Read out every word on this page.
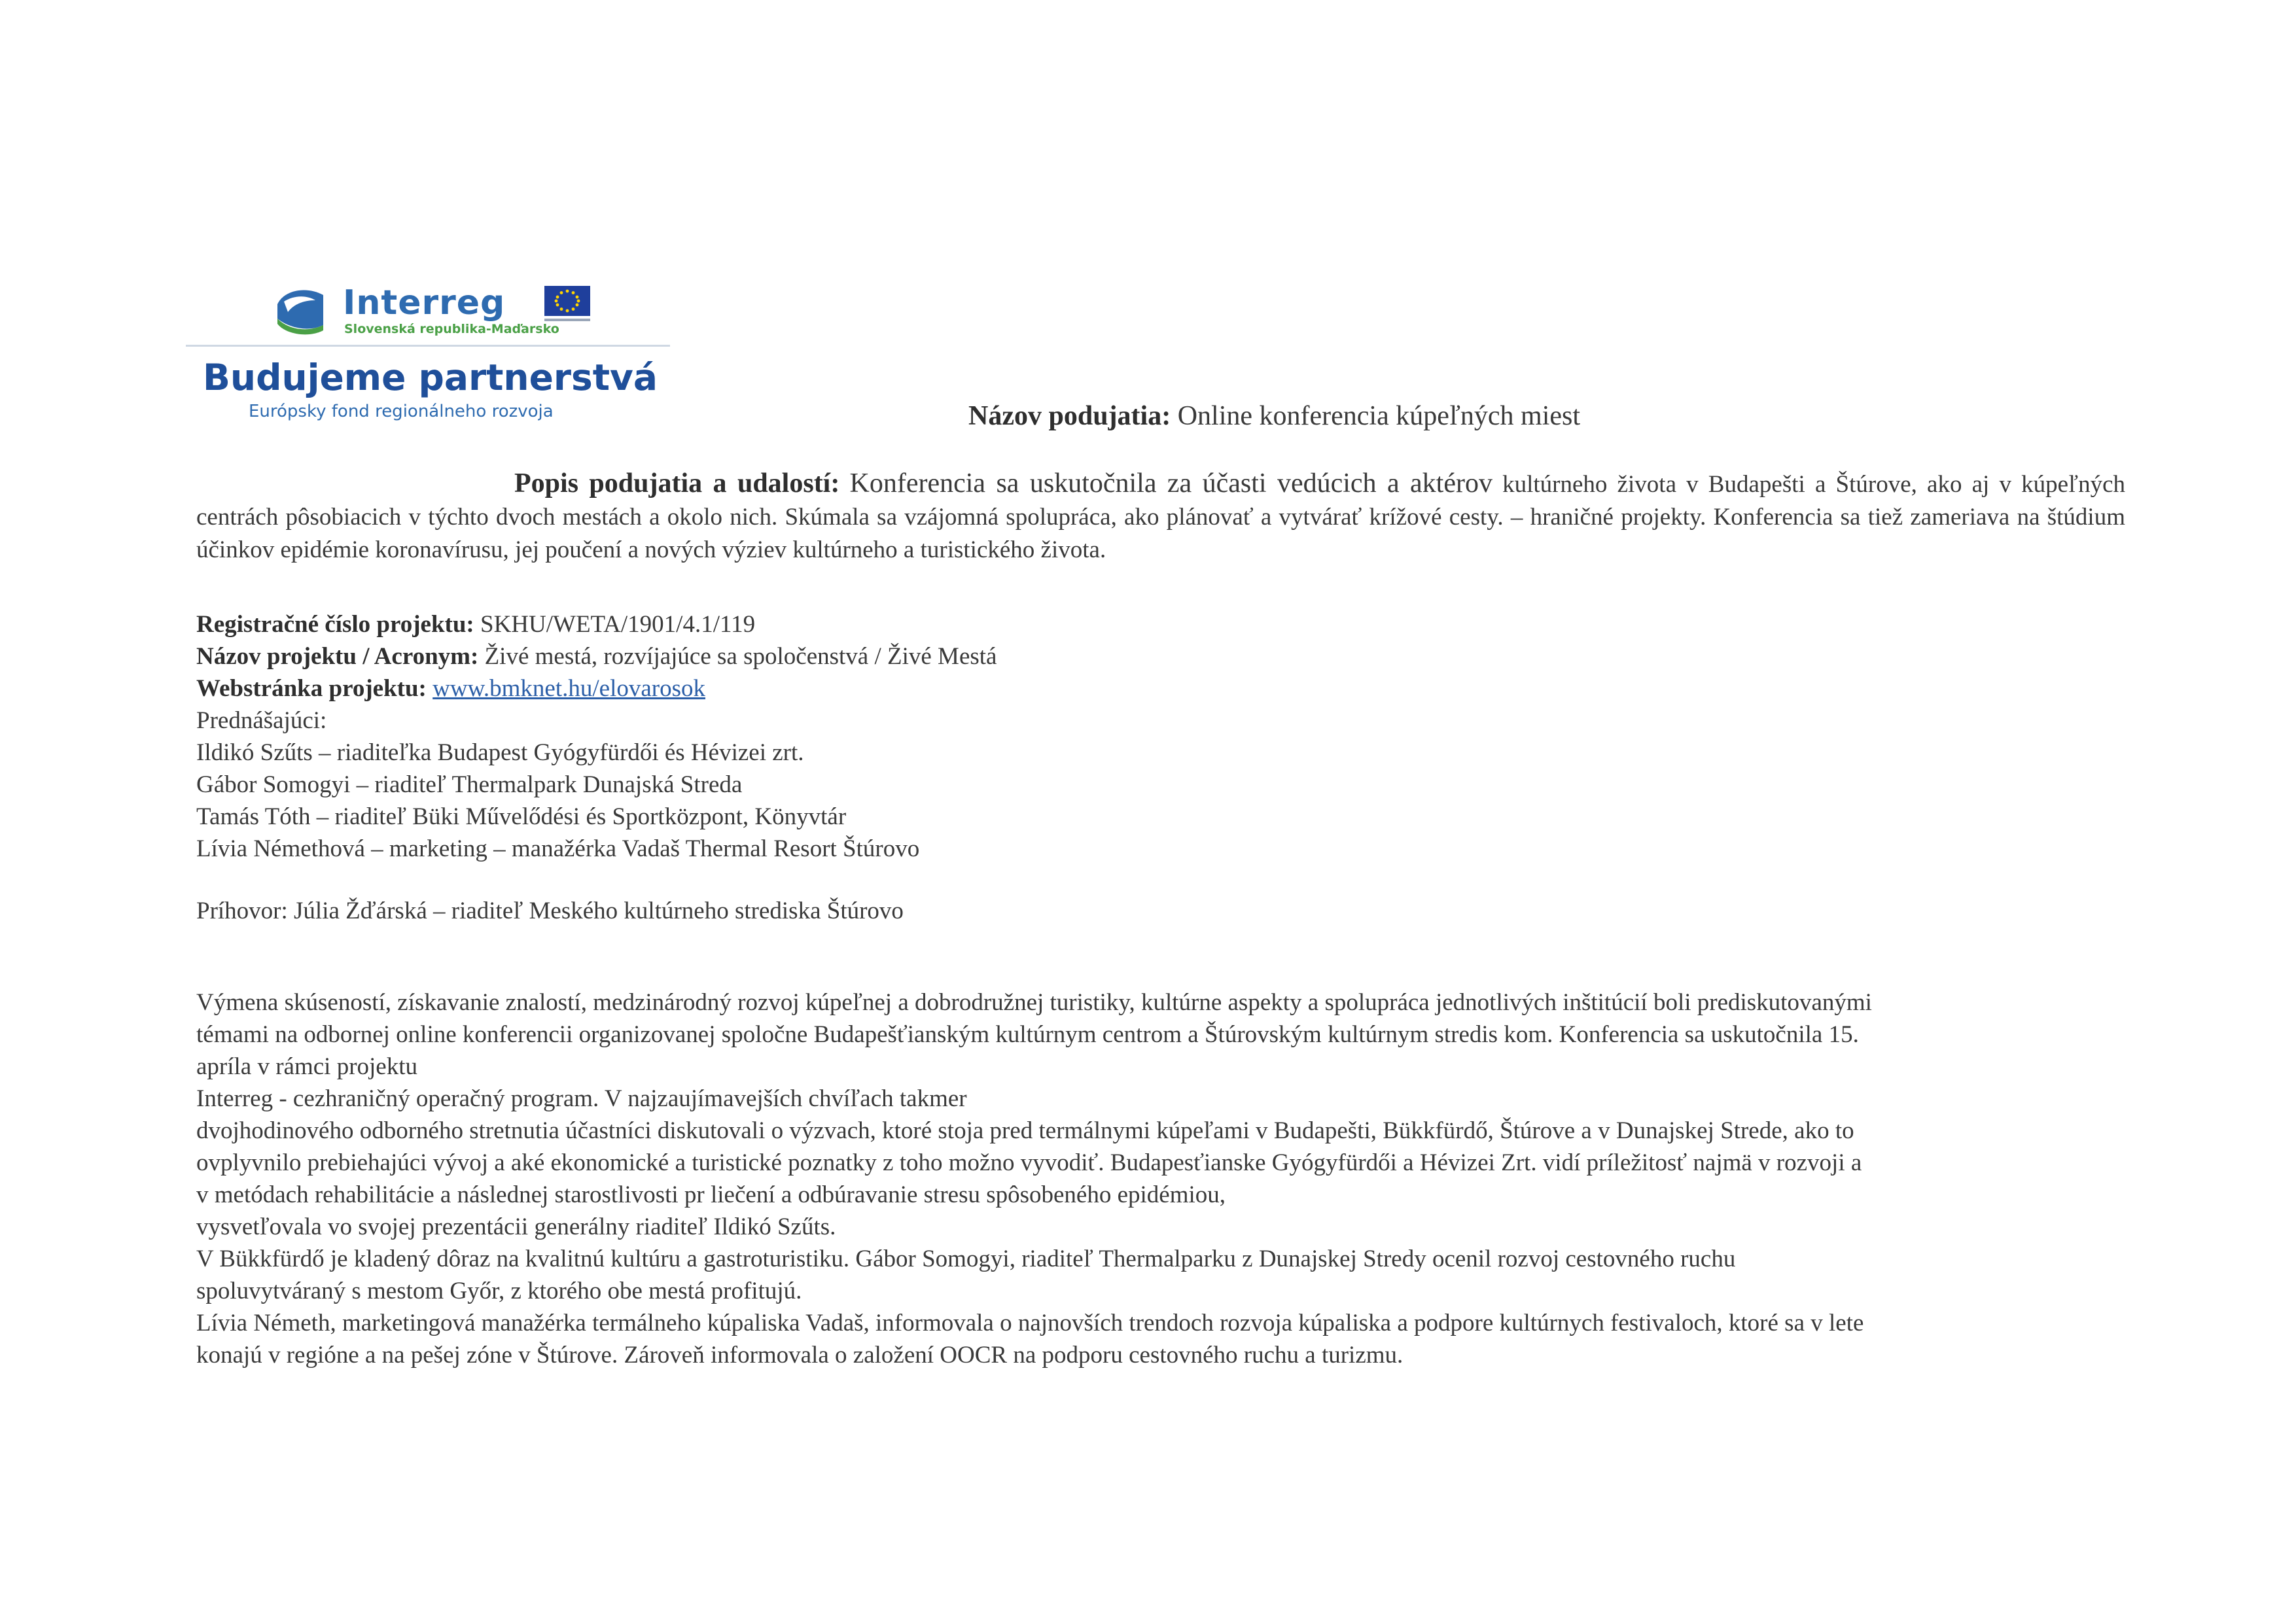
Interreg
Slovenská republika-Maďarsko
Budujeme partnerstvá
Európsky fond regionálneho rozvoja	Názov podujatia: Online konferencia kúpeľných miest
Popis podujatia a udalostí: Konferencia sa uskutočnila za účasti vedúcich a aktérov kultúrneho života v Budapešti a Štúrove, ako aj v kúpeľných centrách pôsobiacich v týchto dvoch mestách a okolo nich. Skúmala sa vzájomná spolupráca, ako plánovať a vytvárať krížové cesty. – hraničné projekty. Konferencia sa tiež zameriava na štúdium účinkov epidémie koronavírusu, jej poučení a nových výziev kultúrneho a turistického života.
Registračné číslo projektu: SKHU/WETA/1901/4.1/119
Názov projektu / Acronym: Živé mestá, rozvíjajúce sa spoločenstvá / Živé Mestá
Webstránka projektu: www.bmknet.hu/elovarosok
Prednášajúci:
Ildikó Szűts – riaditeľka Budapest Gyógyfürdői és Hévizei zrt.
Gábor Somogyi – riaditeľ Thermalpark Dunajská Streda
Tamás Tóth – riaditeľ Büki Művelődési és Sportközpont, Könyvtár
Lívia Némethová – marketing – manažérka Vadaš Thermal Resort Štúrovo
Príhovor: Júlia Žďárská – riaditeľ Meského kultúrneho strediska Štúrovo
Výmena skúseností, získavanie znalostí, medzinárodný rozvoj kúpeľnej a dobrodružnej turistiky, kultúrne aspekty a spolupráca jednotlivých inštitúcií boli prediskutovanými
témami na odbornej online konferencii organizovanej spoločne Budapešťianským kultúrnym centrom a Štúrovským kultúrnym stredis kom. Konferencia sa uskutočnila 15.
apríla v rámci projektu
Interreg - cezhraničný operačný program. V najzaujímavejších chvíľach takmer
dvojhodinového odborného stretnutia účastníci diskutovali o výzvach, ktoré stoja pred termálnymi kúpeľami v Budapešti, Bükkfürdő, Štúrove a v Dunajskej Strede, ako to
ovplyvnilo prebiehajúci vývoj a aké ekonomické a turistické poznatky z toho možno vyvodiť. Budapesťianske Gyógyfürdői a Hévizei Zrt. vidí príležitosť najmä v rozvoji a
v metódach rehabilitácie a následnej starostlivosti pr liečení a odbúravanie stresu spôsobeného epidémiou,
vysvetľovala vo svojej prezentácii generálny riaditeľ Ildikó Szűts.
V Bükkfürdő je kladený dôraz na kvalitnú kultúru a gastroturistiku. Gábor Somogyi, riaditeľ Thermalparku z Dunajskej Stredy ocenil rozvoj cestovného ruchu
spoluvytváraný s mestom Győr, z ktorého obe mestá profitujú.
Lívia Németh, marketingová manažérka termálneho kúpaliska Vadaš, informovala o najnovších trendoch rozvoja kúpaliska a podpore kultúrnych festivaloch, ktoré sa v lete
konajú v regióne a na pešej zóne v Štúrove. Zároveň informovala o založení OOCR na podporu cestovného ruchu a turizmu.
